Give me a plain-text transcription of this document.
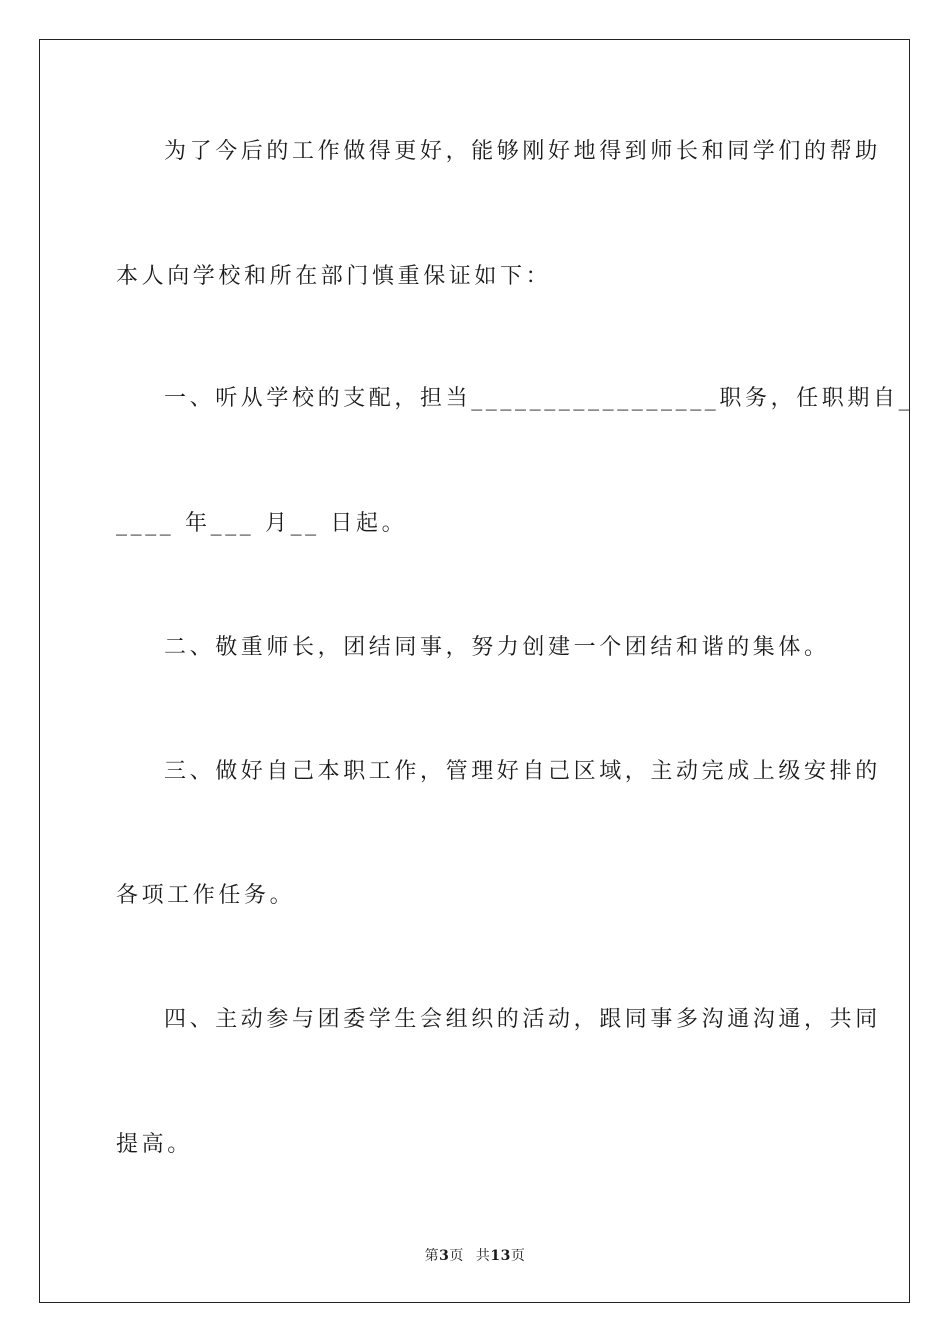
为了今后的工作做得更好，能够刚好地得到师长和同学们的帮助
本人向学校和所在部门慎重保证如下：
一、听从学校的支配，担当_________________职务，任职期自_
____ 年___ 月__ 日起。
二、敬重师长，团结同事，努力创建一个团结和谐的集体。
三、做好自己本职工作，管理好自己区域，主动完成上级安排的
各项工作任务。
四、主动参与团委学生会组织的活动，跟同事多沟通沟通，共同
提高。
第3页 共13页
